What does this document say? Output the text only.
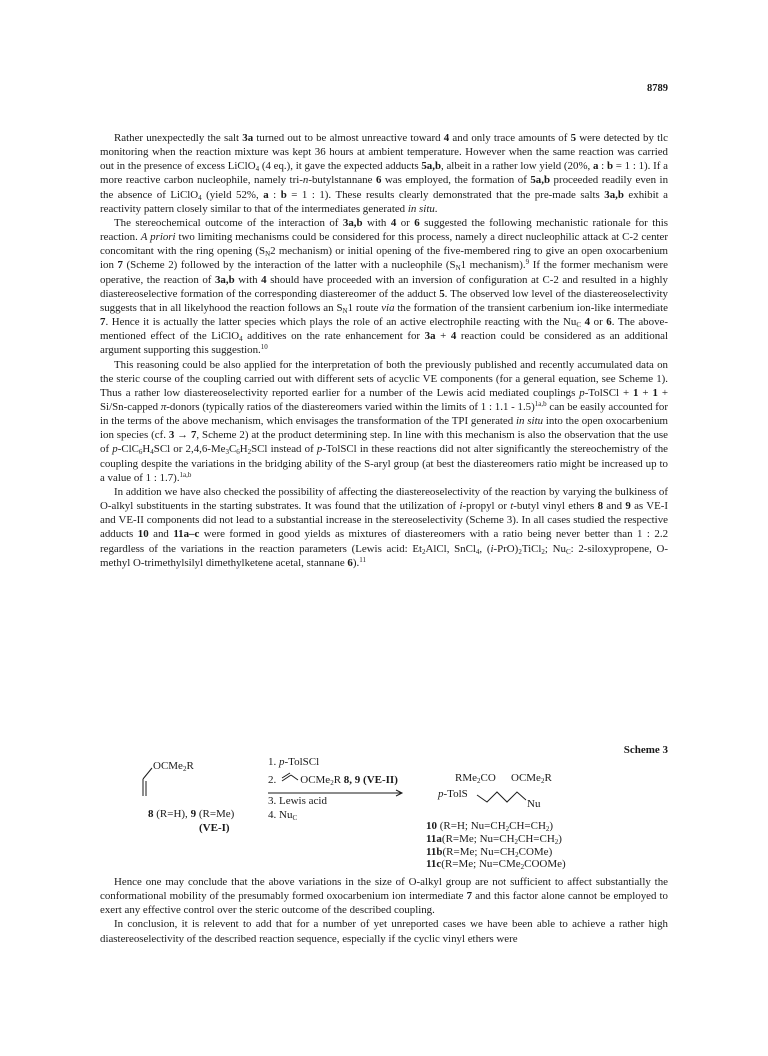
8789

Rather unexpectedly the salt 3a turned out to be almost unreactive toward 4 and only trace amounts of 5 were detected by tlc monitoring when the reaction mixture was kept 36 hours at ambient temperature. However when the same reaction was carried out in the presence of excess LiClO$_4$ (4 eq.), it gave the expected adducts 5a,b, albeit in a rather low yield (20%, a : b = 1 : 1). If a more reactive carbon nucleophile, namely tri-n-butylstannane 6 was employed, the formation of 5a,b proceeded readily even in the absence of LiClO$_4$ (yield 52%, a : b = 1 : 1). These results clearly demonstrated that the pre-made salts 3a,b exhibit a reactivity pattern closely similar to that of the intermediates generated in situ.

The stereochemical outcome of the interaction of 3a,b with 4 or 6 suggested the following mechanistic rationale for this reaction. A priori two limiting mechanisms could be considered for this process, namely a direct nucleophilic attack at C-2 center concomitant with the ring opening ($S_N2$ mechanism) or initial opening of the five-membered ring to give an open oxocarbenium ion 7 (Scheme 2) followed by the interaction of the latter with a nucleophile ($S_N1$ mechanism).$^9$ If the former mechanism were operative, the reaction of 3a,b with 4 should have proceeded with an inversion of configuration at C-2 and resulted in a highly diastereoselective formation of the corresponding diastereomer of the adduct 5. The observed low level of the diastereoselectivity suggests that in all likelyhood the reaction follows an $S_N1$ route via the formation of the transient carbenium ion-like intermediate 7. Hence it is actually the latter species which plays the role of an active electrophile reacting with the $Nu_C$ 4 or 6. The above-mentioned effect of the LiClO$_4$ additives on the rate enhancement for 3a + 4 reaction could be considered as an additional argument supporting this suggestion.$^{10}$

This reasoning could be also applied for the interpretation of both the previously published and recently accumulated data on the steric course of the coupling carried out with different sets of acyclic VE components (for a general equation, see Scheme 1). Thus a rather low diastereoselectivity reported earlier for a number of the Lewis acid mediated couplings p-TolSCl + 1 + 1 + Si/Sn-capped π-donors (typically ratios of the diastereomers varied within the limits of 1 : 1.1 - 1.5)$^{1a,b}$ can be easily accounted for in the terms of the above mechanism, which envisages the transformation of the TPI generated in situ into the open oxocarbenium ion species (cf. 3 → 7, Scheme 2) at the product determining step. In line with this mechanism is also the observation that the use of $p-ClC_6H_4SCl$ or $2,4,6-Me_3C_6H_2SCl$ instead of p-TolSCl in these reactions did not alter significantly the stereochemistry of the coupling despite the variations in the bridging ability of the S-aryl group (at best the diastereomers ratio might be increased up to a value of 1 : 1.7).$^{1a,b}$

In addition we have also checked the possibility of affecting the diastereoselectivity of the reaction by varying the bulkiness of O-alkyl substituents in the starting substrates. It was found that the utilization of i-propyl or t-butyl vinyl ethers 8 and 9 as VE-I and VE-II components did not lead to a substantial increase in the stereoselectivity (Scheme 3). In all cases studied the respective adducts 10 and 11a–c were formed in good yields as mixtures of diastereomers with a ratio being never better than 1 : 2.2 regardless of the variations in the reaction parameters (Lewis acid: $Et_2AlCl$, SnCl$_4$, $(i-PrO)_2TiCl_2$; $Nu_C$: 2-siloxypropene, O-methyl O-trimethylsilyl dimethylketene acetal, stannane 6).$^{11}$

Scheme 3
OCMe$_2$R
8 (R=H), 9 (R=Me)
(VE-I)
1. p-TolSCl
2. OCMe$_2$R 8, 9 (VE-II)
3. Lewis acid
4. $Nu_C$
RMe$_2$CO OCMe$_2$R
p-TolS
Nu
10 (R=H; $Nu=CH_2CH=CH_2$)
11a(R=Me; $Nu=CH_2CH=CH_2$)
11b(R=Me; $Nu=CH_2COMe$)
11c(R=Me; Nu=CMe$_2$COOMe)

Hence one may conclude that the above variations in the size of O-alkyl group are not sufficient to affect substantially the conformational mobility of the presumably formed oxocarbenium ion intermediate 7 and this factor alone cannot be employed to exert any effective control over the steric outcome of the described coupling.

In conclusion, it is relevent to add that for a number of yet unreported cases we have been able to achieve a rather high diastereoselectivity of the described reaction sequence, especially if the cyclic vinyl ethers were
